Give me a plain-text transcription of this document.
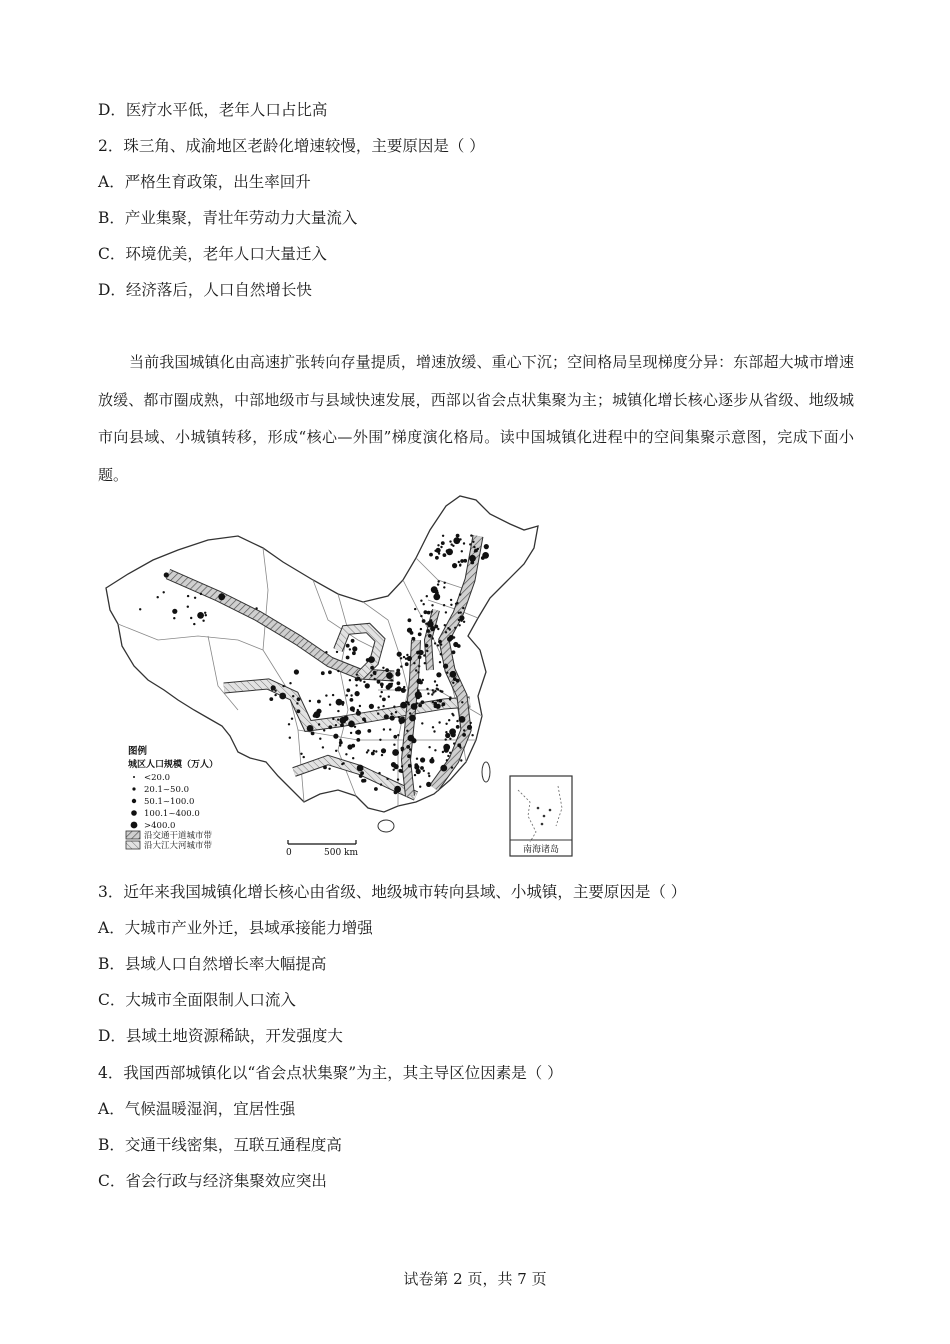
D．医疗水平低，老年人口占比高
2．珠三角、成渝地区老龄化增速较慢，主要原因是（ ）
A．严格生育政策，出生率回升
B．产业集聚，青壮年劳动力大量流入
C．环境优美，老年人口大量迁入
D．经济落后，人口自然增长快
当前我国城镇化由高速扩张转向存量提质，增速放缓、重心下沉；空间格局呈现梯度分异：东部超大城市增速放缓、都市圈成熟，中部地级市与县域快速发展，西部以省会点状集聚为主；城镇化增长核心逐步从省级、地级城市向县域、小城镇转移，形成“核心—外围”梯度演化格局。读中国城镇化进程中的空间集聚示意图，完成下面小题。
南海诸岛
图例
城区人口规模（万人）
<20.0
20.1~50.0
50.1~100.0
100.1~400.0
>400.0
沿交通干道城市带
沿大江大河城市带
0	500 km
3．近年来我国城镇化增长核心由省级、地级城市转向县域、小城镇，主要原因是（ ）
A．大城市产业外迁，县域承接能力增强
B．县域人口自然增长率大幅提高
C．大城市全面限制人口流入
D．县域土地资源稀缺，开发强度大
4．我国西部城镇化以“省会点状集聚”为主，其主导区位因素是（ ）
A．气候温暖湿润，宜居性强
B．交通干线密集，互联互通程度高
C．省会行政与经济集聚效应突出
试卷第 2 页，共 7 页
